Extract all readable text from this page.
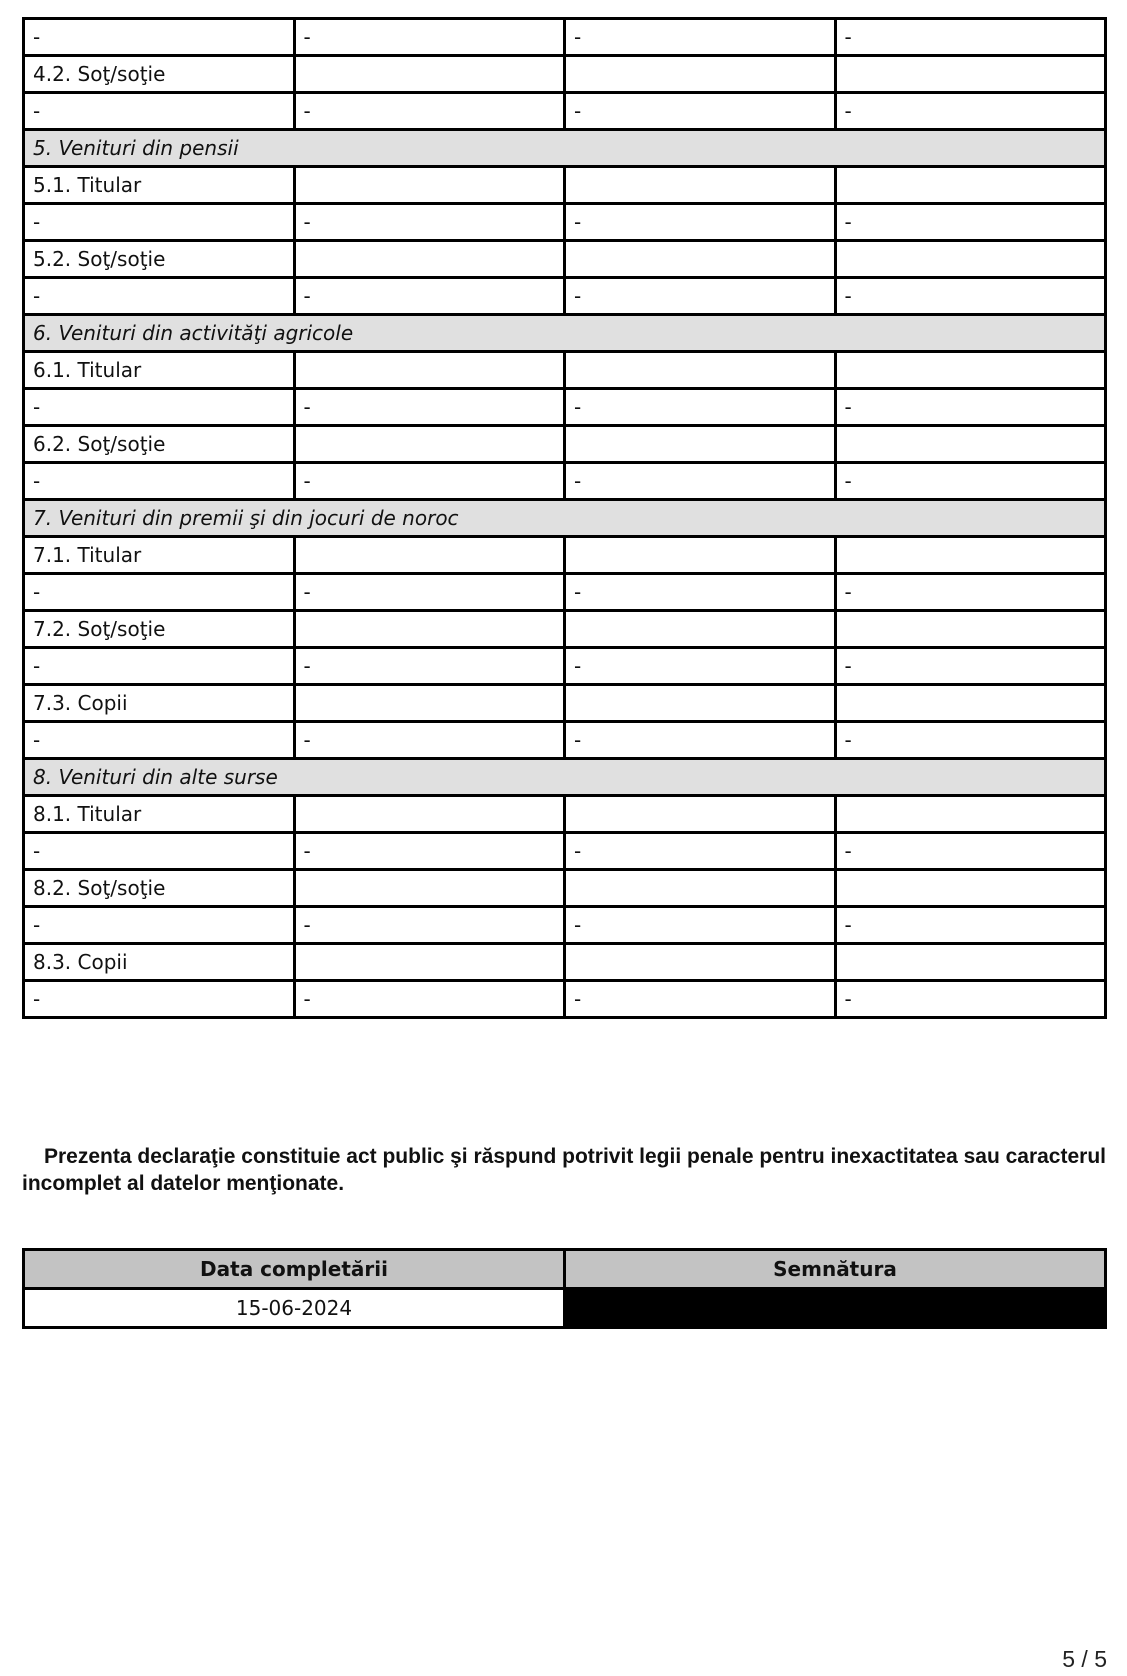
-	-	-	-
4.2. Soţ/soţie			
-	-	-	-
5. Venituri din pensii			
5.1. Titular			
-	-	-	-
5.2. Soţ/soţie			
-	-	-	-
6. Venituri din activităţi agricole			
6.1. Titular			
-	-	-	-
6.2. Soţ/soţie			
-	-	-	-
7. Venituri din premii şi din jocuri de noroc			
7.1. Titular			
-	-	-	-
7.2. Soţ/soţie			
-	-	-	-
7.3. Copii			
-	-	-	-
8. Venituri din alte surse			
8.1. Titular			
-	-	-	-
8.2. Soţ/soţie			
-	-	-	-
8.3. Copii			
-	-	-	-

Prezenta declaraţie constituie act public şi răspund potrivit legii penale pentru inexactitatea sau caracterul incomplet al datelor menţionate.

Data completării	Semnătura
15-06-2024	
5 / 5
